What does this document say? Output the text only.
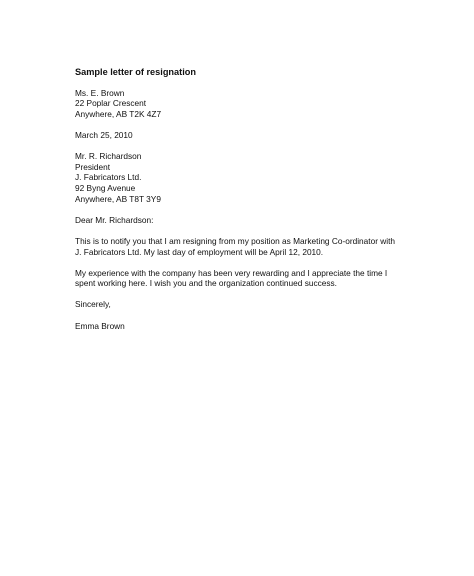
Sample letter of resignation
Ms. E. Brown
22 Poplar Crescent
Anywhere, AB T2K 4Z7
March 25, 2010
Mr. R. Richardson
President
J. Fabricators Ltd.
92 Byng Avenue
Anywhere, AB T8T 3Y9
Dear Mr. Richardson:
This is to notify you that I am resigning from my position as Marketing Co-ordinator with
J. Fabricators Ltd. My last day of employment will be April 12, 2010.
My experience with the company has been very rewarding and I appreciate the time I
spent working here. I wish you and the organization continued success.
Sincerely,
Emma Brown
